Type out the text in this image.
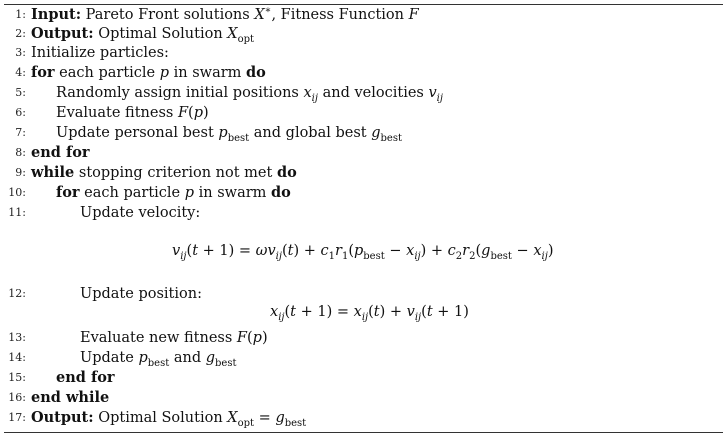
1: Input: Pareto Front solutions X∗, Fitness Function F
2: Output: Optimal Solution $X_{opt}$
3: Initialize particles:
4: for each particle p in swarm do
5: Randomly assign initial positions $x_{ij}$ and velocities $v_{ij}$
6: Evaluate fitness F(p)
7: Update personal best $p_{best}$ and global best $g_{best}$
8: end for
9: while stopping criterion not met do
10: for each particle p in swarm do
11:	Update velocity:
$v_{ij}(t + 1) = \omega v_{ij}(t) + c_1r_1(p_{best} - x_{ij}) + c_2r_2(g_{best} - x_{ij})$
12:	Update position:
$x_{ij}(t + 1) = x_{ij}(t) + v_{ij}(t + 1)$
13:	Evaluate new fitness F(p)
14:	Update $p_{best}$ and $g_{best}$
15: end for
16: end while
17: Output: Optimal Solution $X_{opt} = g_{best}$
